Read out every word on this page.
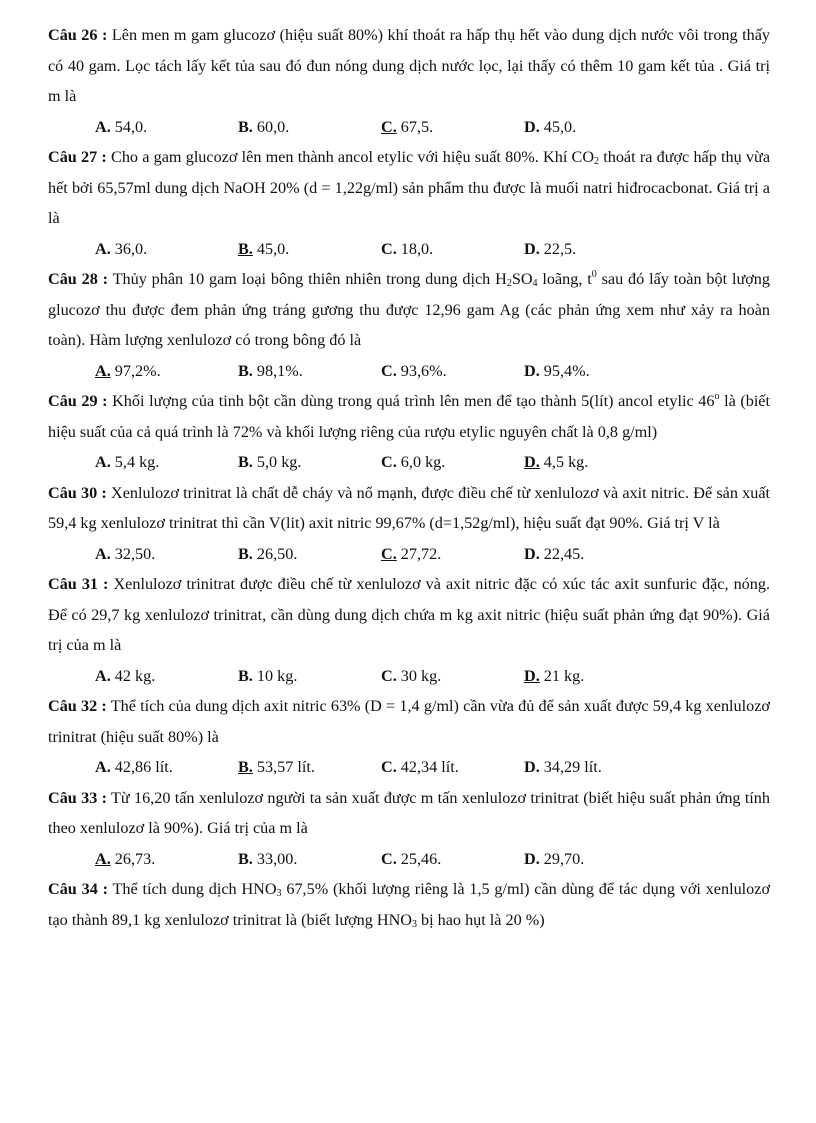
Câu 26 : Lên men m gam glucozơ (hiệu suất 80%) khí thoát ra hấp thụ hết vào dung dịch nước vôi trong thấy có 40 gam. Lọc tách lấy kết tủa sau đó đun nóng dung dịch nước lọc, lại thấy có thêm 10 gam kết tủa . Giá trị m là

A. 54,0.	B. 60,0.	C. 67,5.	D. 45,0.

Câu 27 : Cho a gam glucozơ lên men thành ancol etylic với hiệu suất 80%. Khí $CO_2$ thoát ra được hấp thụ vừa hết bởi 65,57ml dung dịch NaOH 20% (d = 1,22g/ml) sản phẩm thu được là muối natri hiđrocacbonat. Giá trị a là

A. 36,0.	B. 45,0.	C. 18,0.	D. 22,5.

Câu 28 : Thủy phân 10 gam loại bông thiên nhiên trong dung dịch $H_2SO_4$ loãng, $t^0$ sau đó lấy toàn bột lượng glucozơ thu được đem phản ứng tráng gương thu được 12,96 gam Ag (các phản ứng xem như xảy ra hoàn toàn). Hàm lượng xenlulozơ có trong bông đó là

A. 97,2%.	B. 98,1%.	C. 93,6%.	D. 95,4%.

Câu 29 : Khối lượng của tinh bột cần dùng trong quá trình lên men để tạo thành 5(lít) ancol etylic 46$^o$ là (biết hiệu suất của cả quá trình là 72% và khối lượng riêng của rượu etylic nguyên chất là 0,8 g/ml)

A. 5,4 kg.	B. 5,0 kg.	C. 6,0 kg.	D. 4,5 kg.

Câu 30 : Xenlulozơ trinitrat là chất dễ cháy và nổ mạnh, được điều chế từ xenlulozơ và axit nitric. Để sản xuất 59,4 kg xenlulozơ trinitrat thì cần V(lit) axit nitric 99,67% (d=1,52g/ml), hiệu suất đạt 90%. Giá trị V là

A. 32,50.	B. 26,50.	C. 27,72.	D. 22,45.

Câu 31 : Xenlulozơ trinitrat được điều chế từ xenlulozơ và axit nitric đặc có xúc tác axit sunfuric đặc, nóng. Để có 29,7 kg xenlulozơ trinitrat, cần dùng dung dịch chứa m kg axit nitric (hiệu suất phản ứng đạt 90%). Giá trị của m là

A. 42 kg.	B. 10 kg.	C. 30 kg.	D. 21 kg.

Câu 32 : Thể tích của dung dịch axit nitric 63% (D = 1,4 g/ml) cần vừa đủ để sản xuất được 59,4 kg xenlulozơ trinitrat (hiệu suất 80%) là

A. 42,86 lít.	B. 53,57 lít.	C. 42,34 lít.	D. 34,29 lít.

Câu 33 : Từ 16,20 tấn xenlulozơ người ta sản xuất được m tấn xenlulozơ trinitrat (biết hiệu suất phản ứng tính theo xenlulozơ là 90%). Giá trị của m là

A. 26,73.	B. 33,00.	C. 25,46.	D. 29,70.

Câu 34 : Thể tích dung dịch $HNO_3$ 67,5% (khối lượng riêng là 1,5 g/ml) cần dùng để tác dụng với xenlulozơ tạo thành 89,1 kg xenlulozơ trinitrat là (biết lượng $HNO_3$ bị hao hụt là 20 %)
